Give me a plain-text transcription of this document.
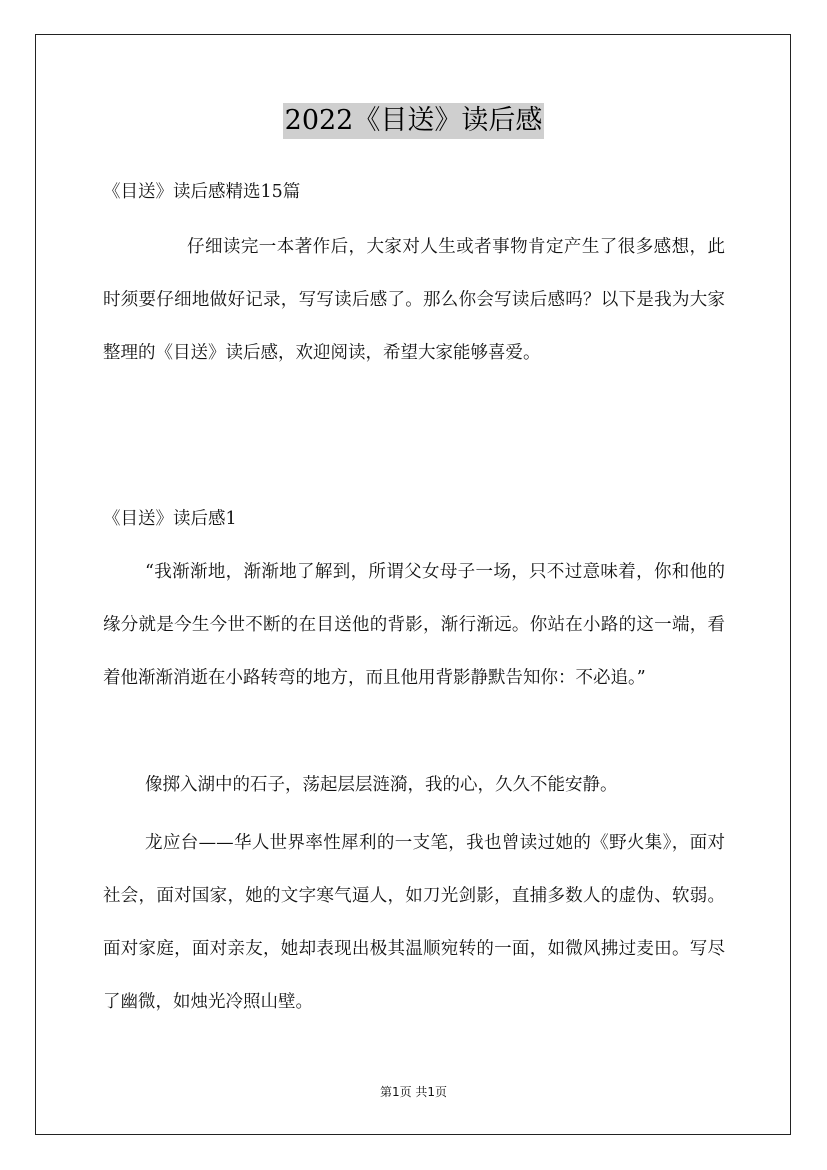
2022《目送》读后感

《目送》读后感精选15篇

仔细读完一本著作后，大家对人生或者事物肯定产生了很多感想，此时须要仔细地做好记录，写写读后感了。那么你会写读后感吗？以下是我为大家整理的《目送》读后感，欢迎阅读，希望大家能够喜爱。

《目送》读后感1

“我渐渐地，渐渐地了解到，所谓父女母子一场，只不过意味着，你和他的缘分就是今生今世不断的在目送他的背影，渐行渐远。你站在小路的这一端，看着他渐渐消逝在小路转弯的地方，而且他用背影静默告知你：不必追。”

像掷入湖中的石子，荡起层层涟漪，我的心，久久不能安静。

龙应台——华人世界率性犀利的一支笔，我也曾读过她的《野火集》，面对社会，面对国家，她的文字寒气逼人，如刀光剑影，直捕多数人的虚伪、软弱。面对家庭，面对亲友，她却表现出极其温顺宛转的一面，如微风拂过麦田。写尽了幽微，如烛光冷照山壁。

第1页 共1页
